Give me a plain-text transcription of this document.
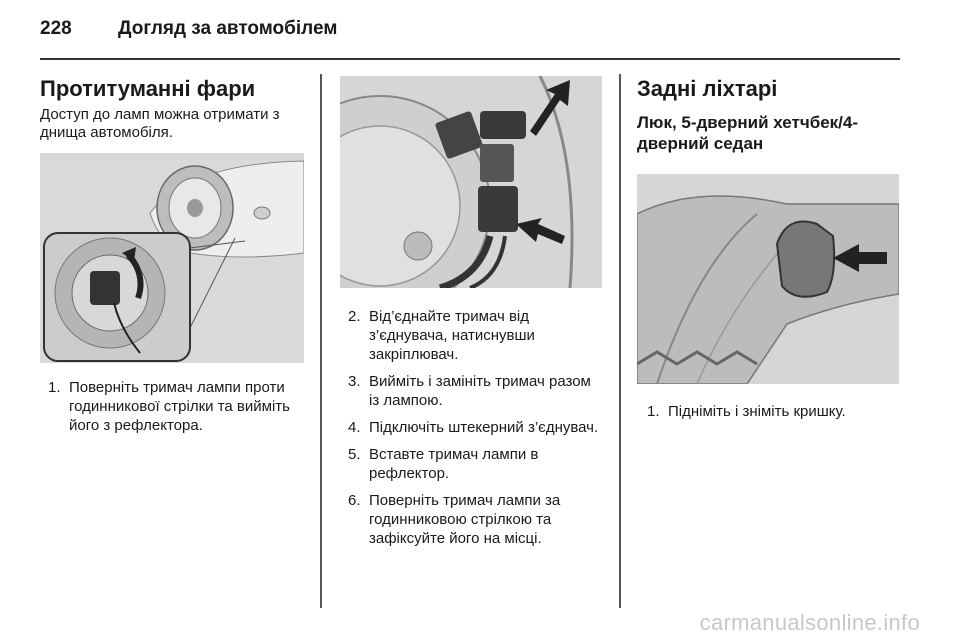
228	Догляд за автомобілем
Протитуманні фари
Доступ до ламп можна отримати з днища автомобіля.
1. Поверніть тримач лампи проти годинникової стрілки та вийміть його з рефлектора.
2. Від’єднайте тримач від з’єднувача, натиснувши закріплювач.
3. Вийміть і замініть тримач разом із лампою.
4. Підключіть штекерний з’єднувач.
5. Вставте тримач лампи в рефлектор.
6. Поверніть тримач лампи за годинниковою стрілкою та зафіксуйте його на місці.
Задні ліхтарі
Люк, 5-дверний хетчбек/4-дверний седан
1. Підніміть і зніміть кришку.
carmanualsonline.info
